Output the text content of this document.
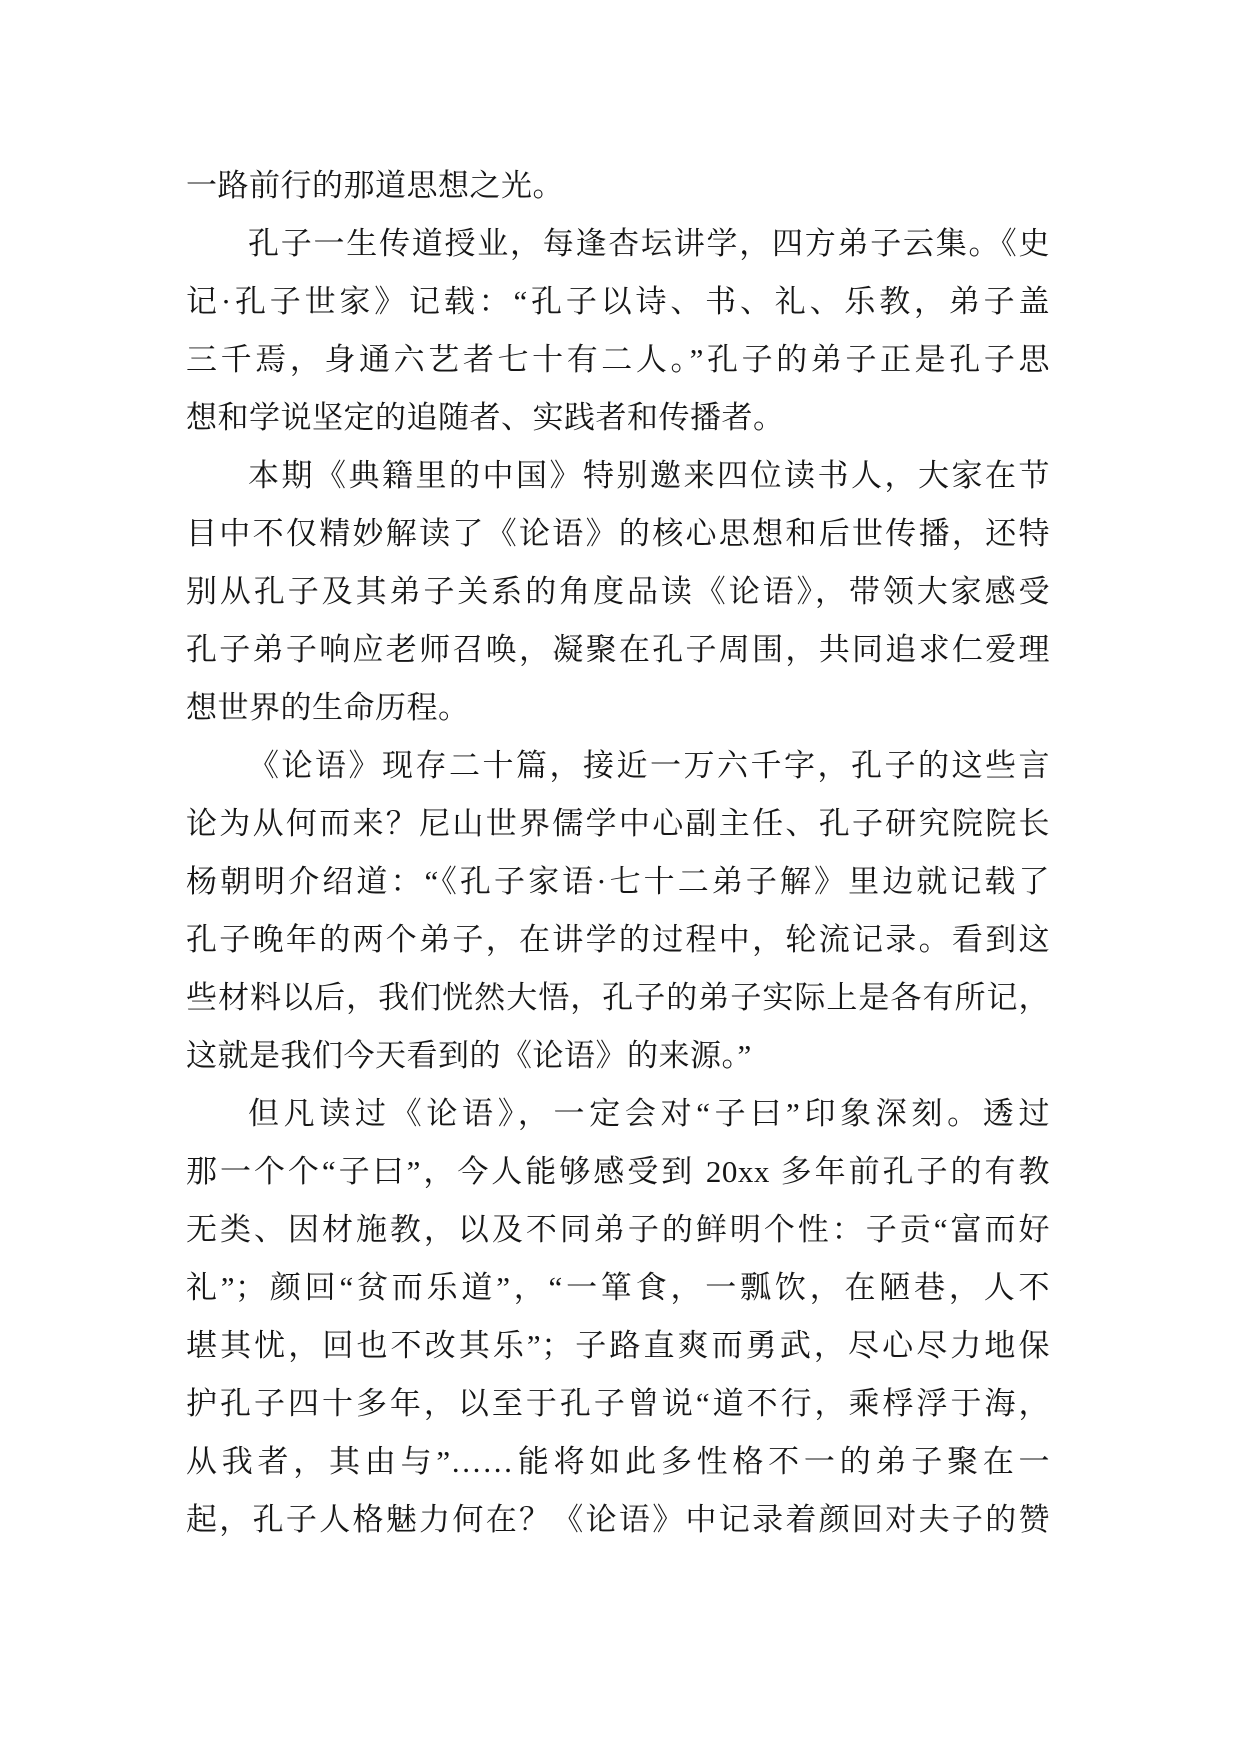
一路前行的那道思想之光。
孔子一生传道授业，每逢杏坛讲学，四方弟子云集。《史
记·孔子世家》记载：“孔子以诗、书、礼、乐教，弟子盖
三千焉，身通六艺者七十有二人。”孔子的弟子正是孔子思
想和学说坚定的追随者、实践者和传播者。
本期《典籍里的中国》特别邀来四位读书人，大家在节
目中不仅精妙解读了《论语》的核心思想和后世传播，还特
别从孔子及其弟子关系的角度品读《论语》，带领大家感受
孔子弟子响应老师召唤，凝聚在孔子周围，共同追求仁爱理
想世界的生命历程。
《论语》现存二十篇，接近一万六千字，孔子的这些言
论为从何而来？尼山世界儒学中心副主任、孔子研究院院长
杨朝明介绍道：“《孔子家语·七十二弟子解》里边就记载了
孔子晚年的两个弟子，在讲学的过程中，轮流记录。看到这
些材料以后，我们恍然大悟，孔子的弟子实际上是各有所记，
这就是我们今天看到的《论语》的来源。”
但凡读过《论语》，一定会对“子曰”印象深刻。透过
那一个个“子曰”，今人能够感受到 20xx 多年前孔子的有教
无类、因材施教，以及不同弟子的鲜明个性：子贡“富而好
礼”；颜回“贫而乐道”，“一箪食，一瓢饮，在陋巷，人不
堪其忧，回也不改其乐”；子路直爽而勇武，尽心尽力地保
护孔子四十多年，以至于孔子曾说“道不行，乘桴浮于海，
从我者，其由与”……能将如此多性格不一的弟子聚在一
起，孔子人格魅力何在？《论语》中记录着颜回对夫子的赞
